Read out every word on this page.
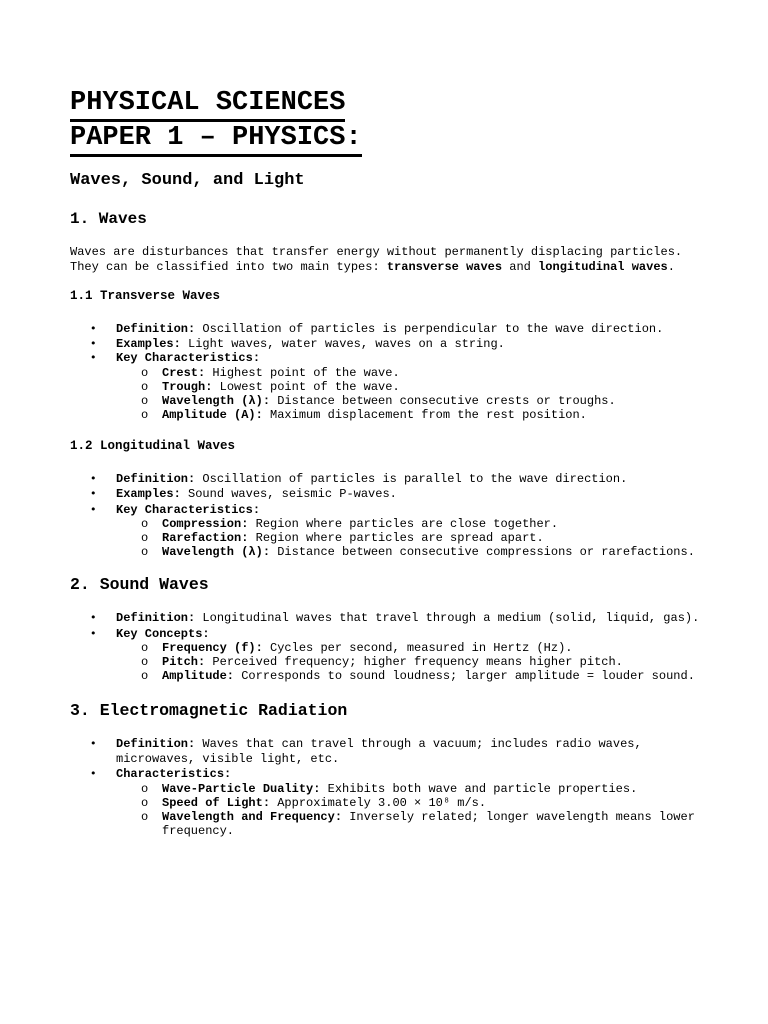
PHYSICAL SCIENCES
PAPER 1 – PHYSICS:
Waves, Sound, and Light
1. Waves

Waves are disturbances that transfer energy without permanently displacing particles. They can be classified into two main types: transverse waves and longitudinal waves.

1.1 Transverse Waves
• Definition: Oscillation of particles is perpendicular to the wave direction.
• Examples: Light waves, water waves, waves on a string.
• Key Characteristics:
o Crest: Highest point of the wave.
o Trough: Lowest point of the wave.
o Wavelength (λ): Distance between consecutive crests or troughs.
o Amplitude (A): Maximum displacement from the rest position.
1.2 Longitudinal Waves
• Definition: Oscillation of particles is parallel to the wave direction.
• Examples: Sound waves, seismic P-waves.
• Key Characteristics:
o Compression: Region where particles are close together.
o Rarefaction: Region where particles are spread apart.
o Wavelength (λ): Distance between consecutive compressions or rarefactions.
2. Sound Waves
• Definition: Longitudinal waves that travel through a medium (solid, liquid, gas).
• Key Concepts:
o Frequency (f): Cycles per second, measured in Hertz (Hz).
o Pitch: Perceived frequency; higher frequency means higher pitch.
o Amplitude: Corresponds to sound loudness; larger amplitude = louder sound.
3. Electromagnetic Radiation
• Definition: Waves that can travel through a vacuum; includes radio waves, microwaves, visible light, etc.
• Characteristics:
o Wave-Particle Duality: Exhibits both wave and particle properties.
o Speed of Light: Approximately 3.00 × 10⁸ m/s.
o Wavelength and Frequency: Inversely related; longer wavelength means lower frequency.
